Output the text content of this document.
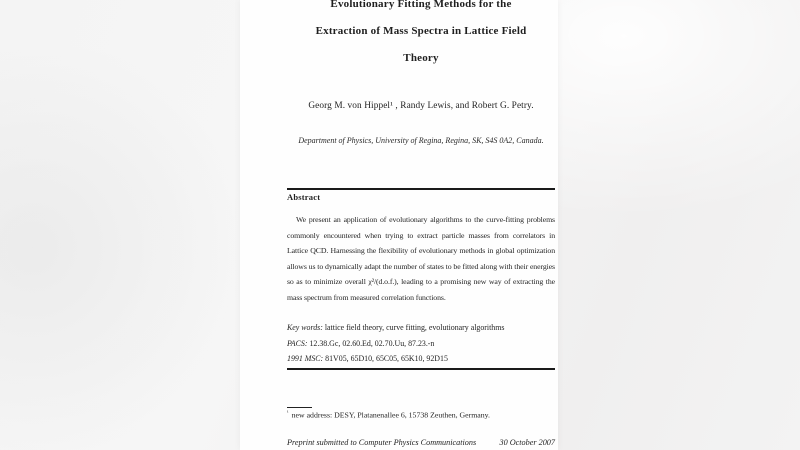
Evolutionary Fitting Methods for the
Extraction of Mass Spectra in Lattice Field
Theory
Georg M. von Hippel¹ , Randy Lewis, and Robert G. Petry.
Department of Physics, University of Regina, Regina, SK, S4S 0A2, Canada.
Abstract
We present an application of evolutionary algorithms to the curve-fitting problems commonly encountered when trying to extract particle masses from correlators in Lattice QCD. Harnessing the flexibility of evolutionary methods in global optimization allows us to dynamically adapt the number of states to be fitted along with their energies so as to minimize overall χ²/(d.o.f.), leading to a promising new way of extracting the mass spectrum from measured correlation functions.
Key words: lattice field theory, curve fitting, evolutionary algorithms
PACS: 12.38.Gc, 02.60.Ed, 02.70.Uu, 87.23.-n
1991 MSC: 81V05, 65D10, 65C05, 65K10, 92D15
$^{^1}$ new address: DESY, Platanenallee 6, 15738 Zeuthen, Germany.
Preprint submitted to Computer Physics Communications	30 October 2007
